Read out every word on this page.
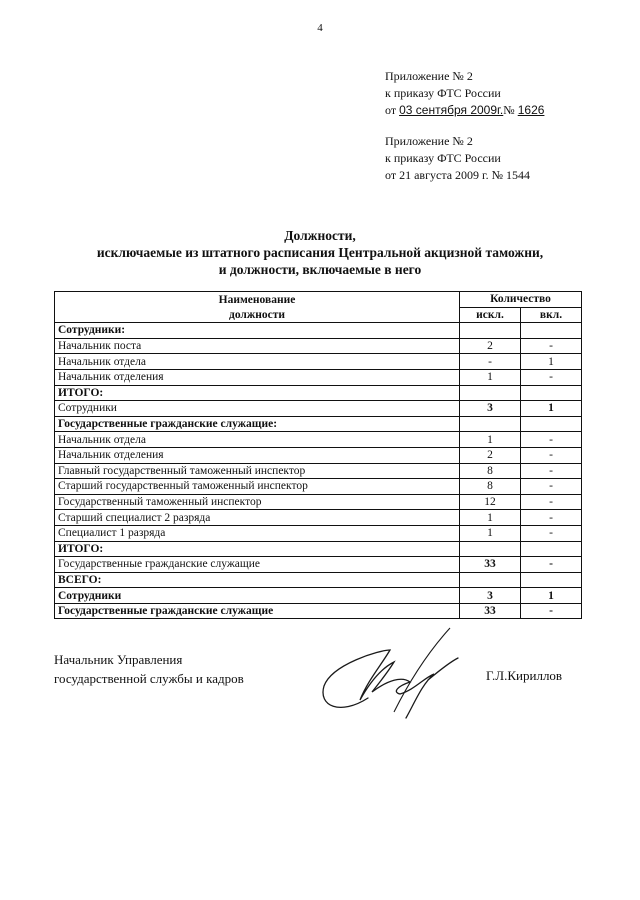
4
Приложение № 2
к приказу ФТС России
от 03 сентября 2009г.№ 1626
Приложение № 2
к приказу ФТС России
от 21 августа 2009 г. № 1544
Должности,
исключаемые из штатного расписания Центральной акцизной таможни,
и должности, включаемые в него
Наименование	Количество	
должности	искл.	вкл.
Сотрудники:		
Начальник поста	2	-
Начальник отдела	-	1
Начальник отделения	1	-
ИТОГО:		
Сотрудники	3	1
Государственные гражданские служащие:		
Начальник отдела	1	-
Начальник отделения	2	-
Главный государственный таможенный инспектор	8	-
Старший государственный таможенный инспектор	8	-
Государственный таможенный инспектор	12	-
Старший специалист 2 разряда	1	-
Специалист 1 разряда	1	-
ИТОГО:		
Государственные гражданские служащие	33	-
ВСЕГО:		
Сотрудники	3	1
Государственные гражданские служащие	33	-
Начальник Управления
государственной службы и кадров	Г.Л.Кириллов
